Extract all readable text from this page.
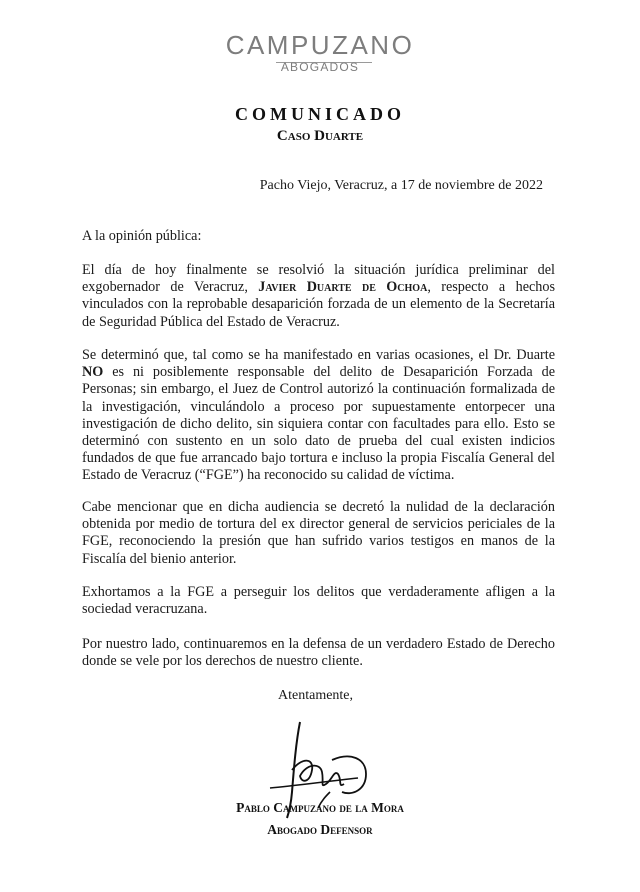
CAMPUZANO
ABOGADOS
COMUNICADO
Caso Duarte
Pacho Viejo, Veracruz, a 17 de noviembre de 2022
A la opinión pública:
El día de hoy finalmente se resolvió la situación jurídica preliminar del exgobernador de Veracruz, Javier Duarte de Ochoa, respecto a hechos vinculados con la reprobable desaparición forzada de un elemento de la Secretaría de Seguridad Pública del Estado de Veracruz.
Se determinó que, tal como se ha manifestado en varias ocasiones, el Dr. Duarte NO es ni posiblemente responsable del delito de Desaparición Forzada de Personas; sin embargo, el Juez de Control autorizó la continuación formalizada de la investigación, vinculándolo a proceso por supuestamente entorpecer una investigación de dicho delito, sin siquiera contar con facultades para ello. Esto se determinó con sustento en un solo dato de prueba del cual existen indicios fundados de que fue arrancado bajo tortura e incluso la propia Fiscalía General del Estado de Veracruz (“FGE”) ha reconocido su calidad de víctima.
Cabe mencionar que en dicha audiencia se decretó la nulidad de la declaración obtenida por medio de tortura del ex director general de servicios periciales de la FGE, reconociendo la presión que han sufrido varios testigos en manos de la Fiscalía del bienio anterior.
Exhortamos a la FGE a perseguir los delitos que verdaderamente afligen a la sociedad veracruzana.
Por nuestro lado, continuaremos en la defensa de un verdadero Estado de Derecho donde se vele por los derechos de nuestro cliente.
Atentamente,
Pablo Campuzano de la Mora
Abogado Defensor
